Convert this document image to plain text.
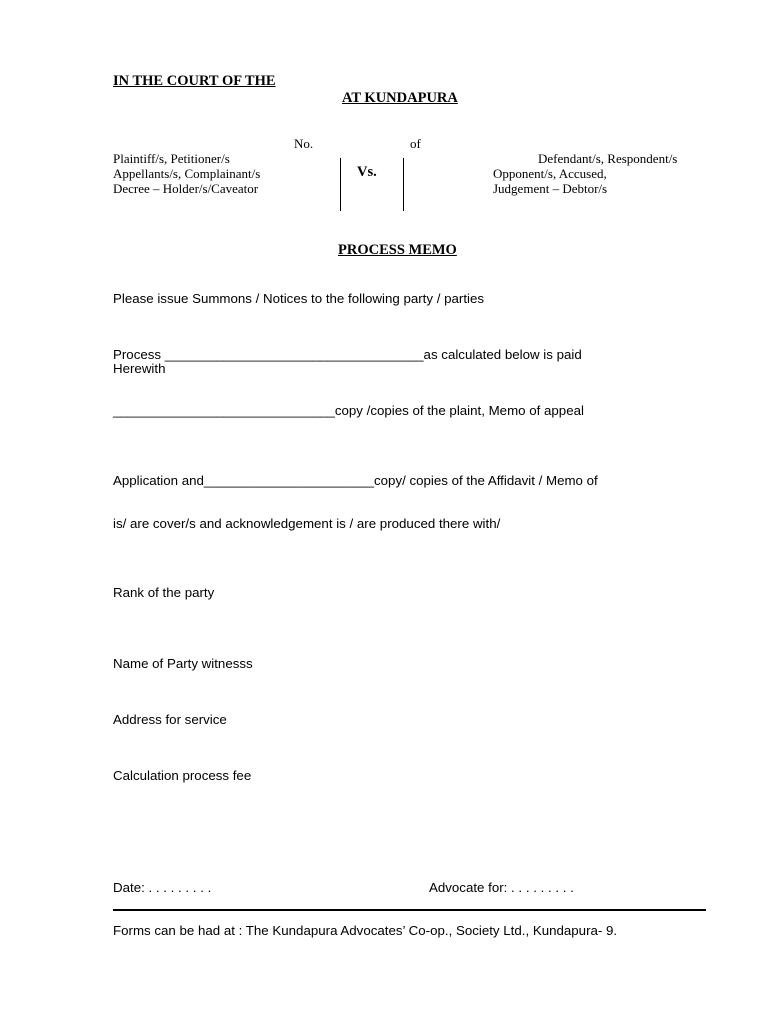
IN THE COURT OF THE
AT KUNDAPURA
No.	of
Plaintiff/s, Petitioner/s
Appellants/s, Complainant/s
Decree – Holder/s/Caveator
Vs.
Defendant/s, Respondent/s
Opponent/s, Accused,
Judgement – Debtor/s
PROCESS MEMO
Please issue Summons / Notices to the following party / parties
Process ___________________________________as calculated below is paid
Herewith
______________________________copy /copies of the plaint, Memo of appeal
Application and_______________________copy/ copies of the Affidavit / Memo of
is/ are cover/s and acknowledgement is / are produced there with/
Rank of the party
Name of Party witnesss
Address for service
Calculation process fee
Date: . . . . . . . . .	Advocate for: . . . . . . . . .
Forms can be had at : The Kundapura Advocates’ Co-op., Society Ltd., Kundapura- 9.
